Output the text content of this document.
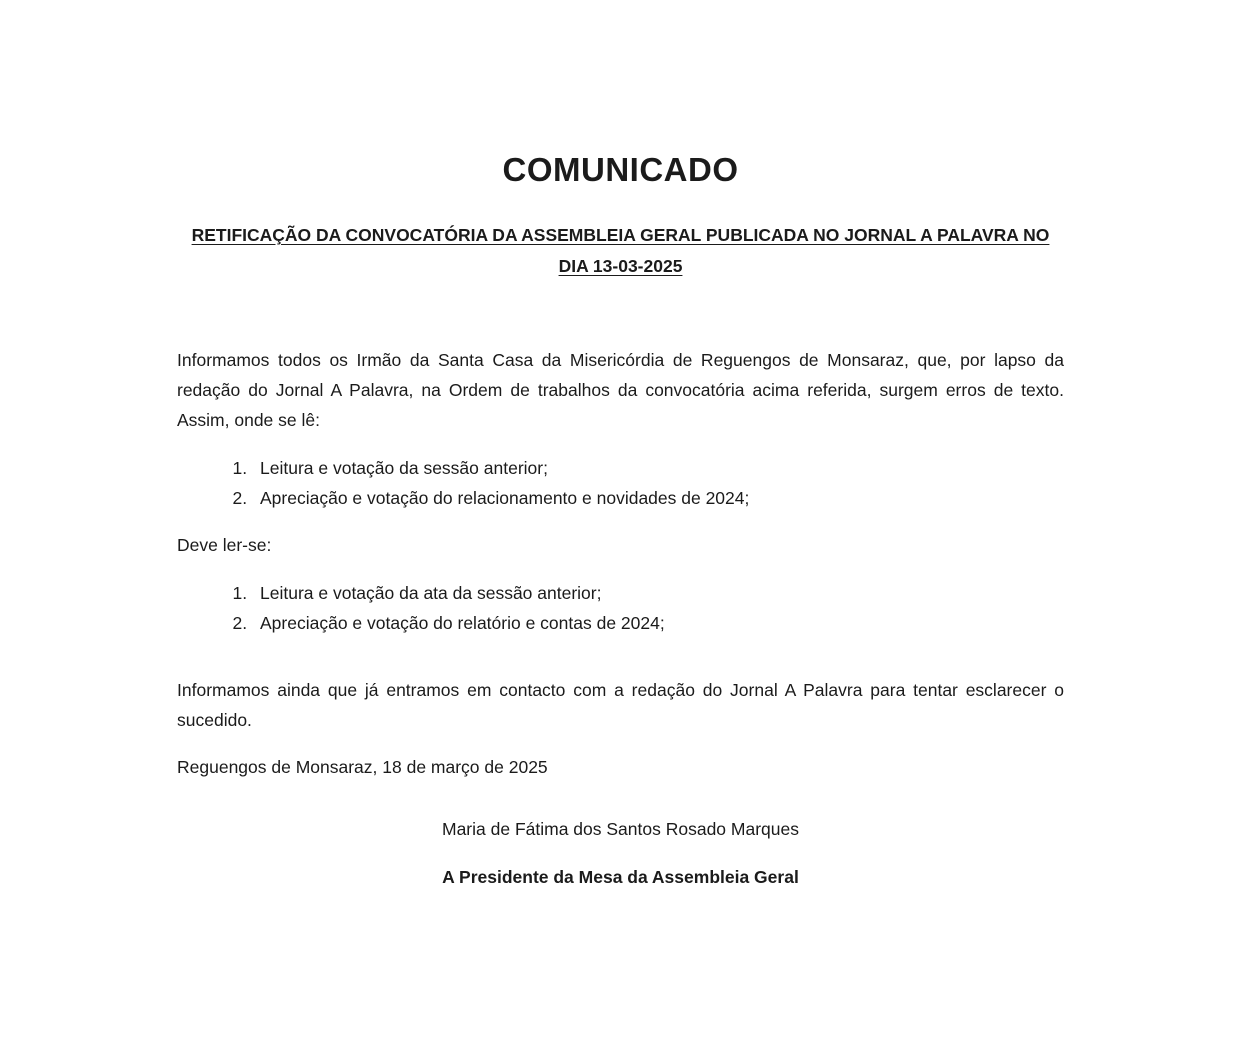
COMUNICADO
RETIFICAÇÃO DA CONVOCATÓRIA DA ASSEMBLEIA GERAL PUBLICADA NO JORNAL A PALAVRA NO DIA 13-03-2025

Informamos todos os Irmão da Santa Casa da Misericórdia de Reguengos de Monsaraz, que, por lapso da redação do Jornal A Palavra, na Ordem de trabalhos da convocatória acima referida, surgem erros de texto. Assim, onde se lê:

1. Leitura e votação da sessão anterior;
2. Apreciação e votação do relacionamento e novidades de 2024;

Deve ler-se:

1. Leitura e votação da ata da sessão anterior;
2. Apreciação e votação do relatório e contas de 2024;

Informamos ainda que já entramos em contacto com a redação do Jornal A Palavra para tentar esclarecer o sucedido.

Reguengos de Monsaraz, 18 de março de 2025

Maria de Fátima dos Santos Rosado Marques

A Presidente da Mesa da Assembleia Geral
